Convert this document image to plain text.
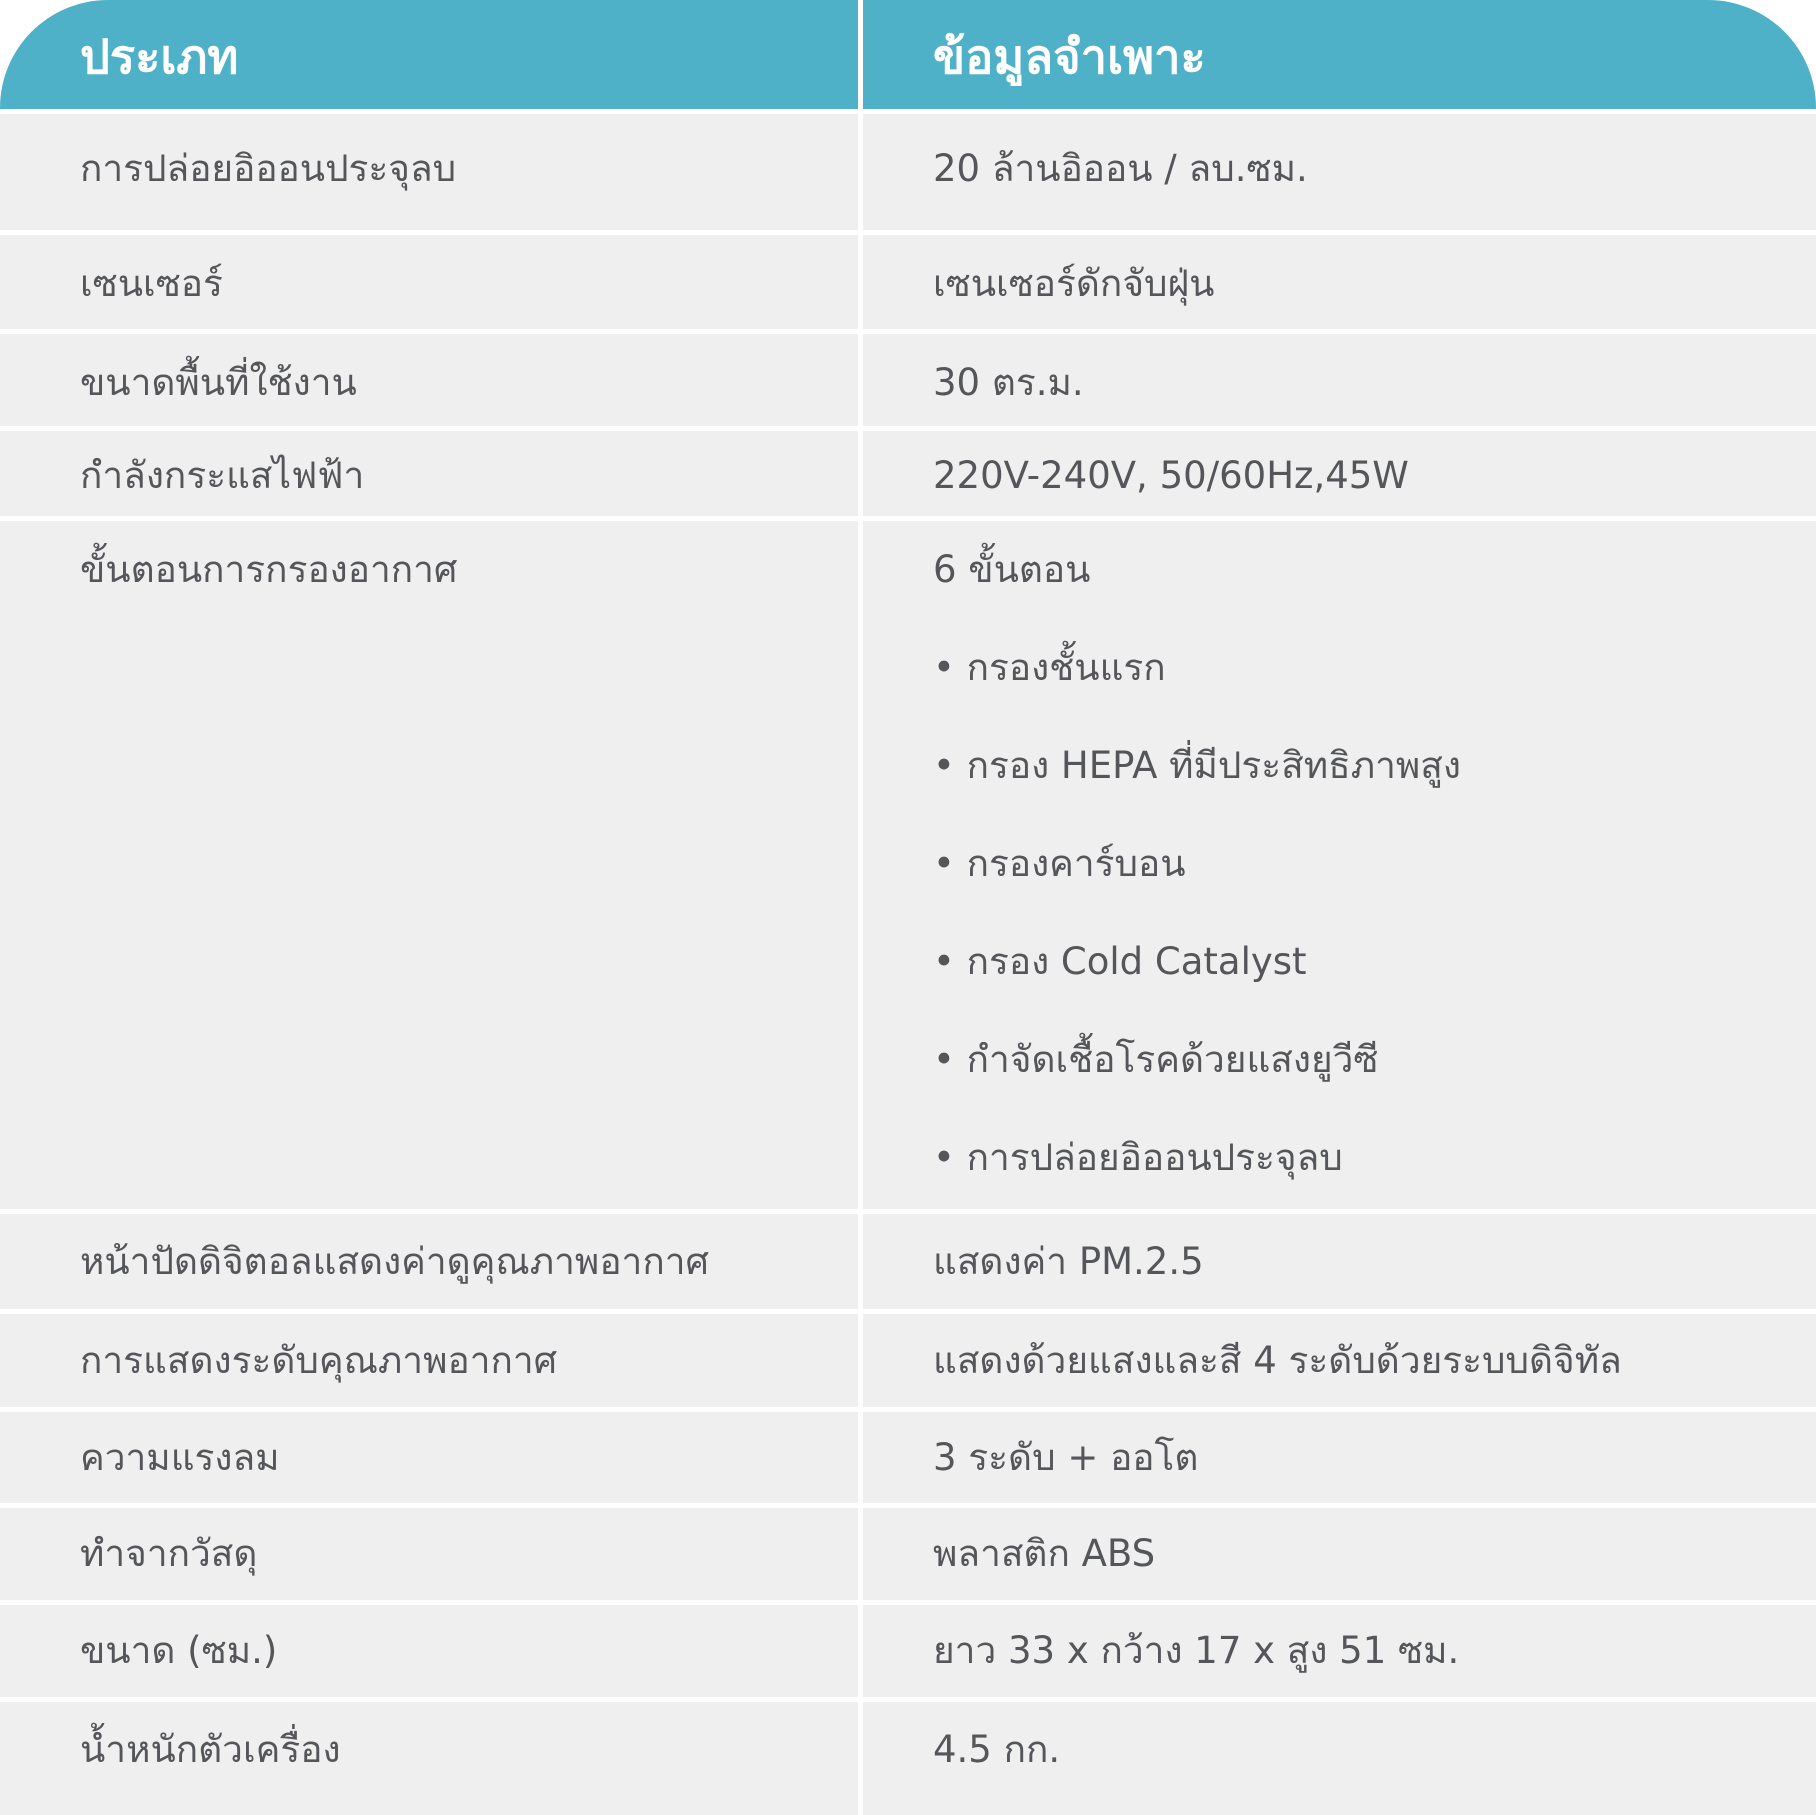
ประเภท	ข้อมูลจำเพาะ
การปล่อยอิออนประจุลบ	20 ล้านอิออน / ลบ.ซม.
เซนเซอร์	เซนเซอร์ดักจับฝุ่น
ขนาดพื้นที่ใช้งาน	30 ตร.ม.
กำลังกระแสไฟฟ้า	220V-240V, 50/60Hz,45W
ขั้นตอนการกรองอากาศ	6 ขั้นตอน
• กรองชั้นแรก
• กรอง HEPA ที่มีประสิทธิภาพสูง
• กรองคาร์บอน
• กรอง Cold Catalyst
• กำจัดเชื้อโรคด้วยแสงยูวีซี
• การปล่อยอิออนประจุลบ
หน้าปัดดิจิตอลแสดงค่าดูคุณภาพอากาศ	แสดงค่า PM.2.5
การแสดงระดับคุณภาพอากาศ	แสดงด้วยแสงและสี 4 ระดับด้วยระบบดิจิทัล
ความแรงลม	3 ระดับ + ออโต
ทำจากวัสดุ	พลาสติก ABS
ขนาด (ซม.)	ยาว 33 x กว้าง 17 x สูง 51 ซม.
น้ำหนักตัวเครื่อง	4.5 กก.
